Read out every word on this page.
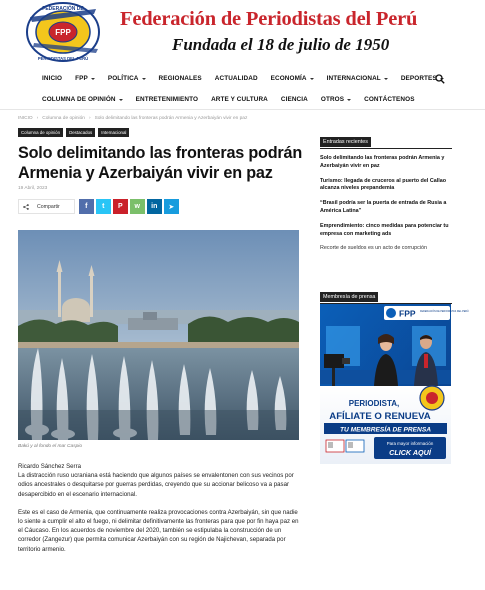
FPP
FEDERACIÓN DE
PERIODISTAS DEL PERÚ
Federación de Periodistas del Perú
Fundada el 18 de julio de 1950
INICIO FPP	POLÍTICA	REGIONALES ACTUALIDAD ECONOMÍA	INTERNACIONAL	DEPORTES
COLUMNA DE OPINIÓN	ENTRETENIMIENTO ARTE Y CULTURA CIENCIA OTROS	CONTÁCTENOS
INICIO › Columna de opinión › Solo delimitando las fronteras podrán Armenia y Azerbaiyán vivir en paz
Columna de opinión	Destacados	Internacional
Solo delimitando las fronteras podrán Armenia y Azerbaiyán vivir en paz
19 Abril, 2023
Compartir	f	t	P	w	in	➤
Bakú y al fondo el mar Caspio
Ricardo Sánchez Serra

La distracción ruso ucraniana está haciendo que algunos países se envalentonen con sus vecinos por odios ancestrales o desquitarse por guerras perdidas, creyendo que su accionar belicoso va a pasar desapercibido en el escenario internacional.

Este es el caso de Armenia, que continuamente realiza provocaciones contra Azerbaiyán, sin que nadie lo siente a cumplir el alto el fuego, ni delimitar definitivamente las fronteras para que por fin haya paz en el Cáucaso. En los acuerdos de noviembre del 2020, también se estipulaba la construcción de un corredor (Zangezur) que permita comunicar Azerbaiyán con su región de Najichevan, separada por territorio armenio.

Entradas recientes
Solo delimitando las fronteras podrán Armenia y Azerbaiyán vivir en paz
Turismo: llegada de cruceros al puerto del Callao alcanza niveles prepandemia
“Brasil podría ser la puerta de entrada de Rusia a América Latina”
Emprendimiento: cinco medidas para potenciar tu empresa con marketing ads
Recorte de sueldos es un acto de corrupción
Membresía de prensa
FPP FEDERACIÓN DE PERIODISTAS DEL PERÚ
PERIODISTA,
AFÍLIATE O RENUEVA
TU MEMBRESÍA DE PRENSA
Para mayor información
CLICK AQUÍ
